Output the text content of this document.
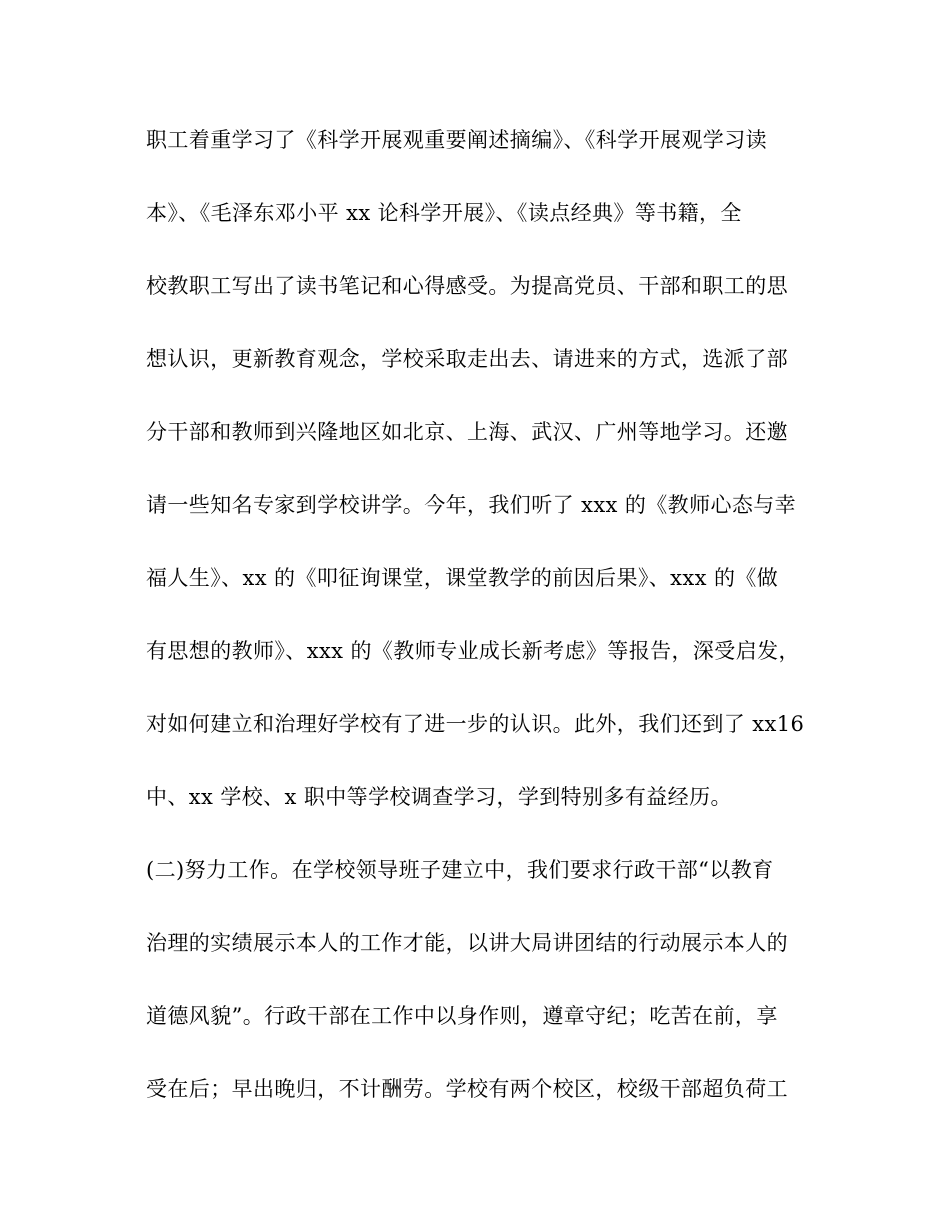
职工着重学习了《科学开展观重要阐述摘编》、《科学开展观学习读
本》、《毛泽东邓小平 xx 论科学开展》、《读点经典》等书籍，全
校教职工写出了读书笔记和心得感受。为提高党员、干部和职工的思
想认识，更新教育观念，学校采取走出去、请进来的方式，选派了部
分干部和教师到兴隆地区如北京、上海、武汉、广州等地学习。还邀
请一些知名专家到学校讲学。今年，我们听了 xxx 的《教师心态与幸
福人生》、xx 的《叩征询课堂，课堂教学的前因后果》、xxx 的《做
有思想的教师》、xxx 的《教师专业成长新考虑》等报告，深受启发，
对如何建立和治理好学校有了进一步的认识。此外，我们还到了 xx16
中、xx 学校、x 职中等学校调查学习，学到特别多有益经历。
(二)努力工作。在学校领导班子建立中，我们要求行政干部“以教育
治理的实绩展示本人的工作才能，以讲大局讲团结的行动展示本人的
道德风貌”。行政干部在工作中以身作则，遵章守纪；吃苦在前，享
受在后；早出晚归，不计酬劳。学校有两个校区，校级干部超负荷工
